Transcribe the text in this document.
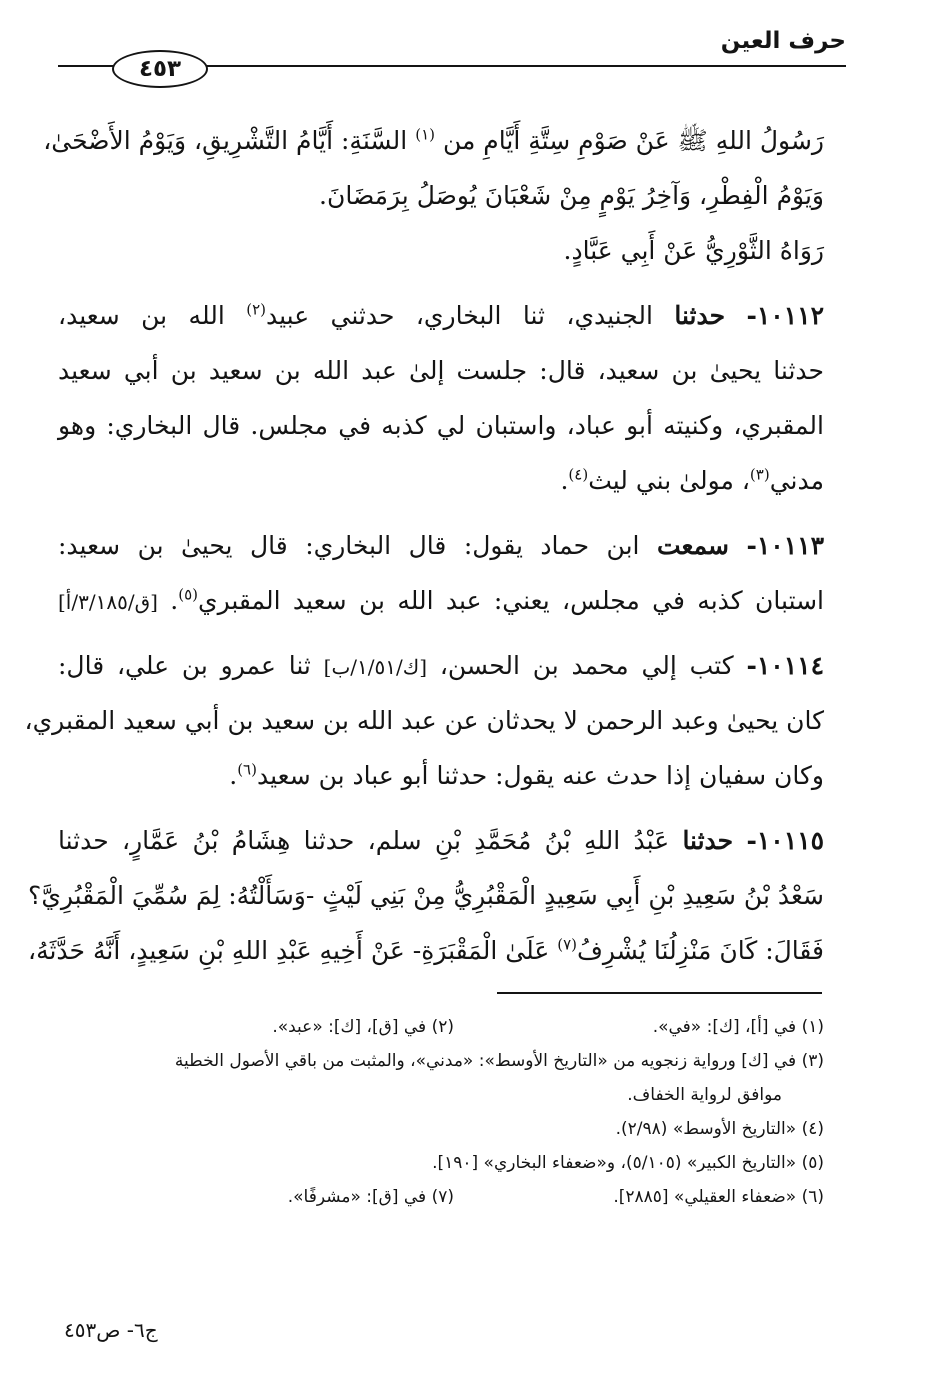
حرف العين
٤٥٣
رَسُولُ اللهِ ﷺ عَنْ صَوْمِ سِتَّةِ أَيَّامِ من $^{(١)}$ السَّنَةِ: أَيَّامُ التَّشْرِيقِ، وَيَوْمُ الأَضْحَىٰ،
وَيَوْمُ الْفِطْرِ، وَآخِرُ يَوْمٍ مِنْ شَعْبَانَ يُوصَلُ بِرَمَضَانَ.
رَوَاهُ الثَّوْرِيُّ عَنْ أَبِي عَبَّادٍ.
١٠١١٢- حدثنا الجنيدي، ثنا البخاري، حدثني عبيد$^{(٢)}$ الله بن سعيد،
حدثنا يحيىٰ بن سعيد، قال: جلست إلىٰ عبد الله بن سعيد بن أبي سعيد
المقبري، وكنيته أبو عباد، واستبان لي كذبه في مجلس. قال البخاري: وهو
مدني$^{(٣)}$، مولىٰ بني ليث$^{(٤)}$.
١٠١١٣- سمعت ابن حماد يقول: قال البخاري: قال يحيىٰ بن سعيد:
استبان كذبه في مجلس، يعني: عبد الله بن سعيد المقبري$^{(٥)}$. [ق/٣/١٨٥/أ]
١٠١١٤- كتب إلي محمد بن الحسن، [ك/١/٥١/ب] ثنا عمرو بن علي، قال:
كان يحيىٰ وعبد الرحمن لا يحدثان عن عبد الله بن سعيد بن أبي سعيد المقبري،
وكان سفيان إذا حدث عنه يقول: حدثنا أبو عباد بن سعيد$^{(٦)}$.
١٠١١٥- حدثنا عَبْدُ اللهِ بْنُ مُحَمَّدِ بْنِ سلم، حدثنا هِشَامُ بْنُ عَمَّارٍ، حدثنا
سَعْدُ بْنُ سَعِيدِ بْنِ أَبِي سَعِيدٍ الْمَقْبُرِيُّ مِنْ بَنِي لَيْثٍ -وَسَأَلْتُهُ: لِمَ سُمِّيَ الْمَقْبُرِيَّ؟
فَقَالَ: كَانَ مَنْزِلُنَا يُشْرِفُ$^{(٧)}$ عَلَىٰ الْمَقْبَرَةِ- عَنْ أَخِيهِ عَبْدِ اللهِ بْنِ سَعِيدٍ، أَنَّهُ حَدَّثَهُ،
(١) في [أ]، [ك]: «في».(٢) في [ق]، [ك]: «عبد».
(٣) في [ك] ورواية زنجويه من «التاريخ الأوسط»: «مدني»، والمثبت من باقي الأصول الخطية
موافق لرواية الخفاف.
(٤) «التاريخ الأوسط» (٢/٩٨).
(٥) «التاريخ الكبير» (٥/١٠٥)، و«ضعفاء البخاري» [١٩٠].
(٦) «ضعفاء العقيلي» [٢٨٨٥].(٧) في [ق]: «مشرفًا».
ج٦- ص٤٥٣
